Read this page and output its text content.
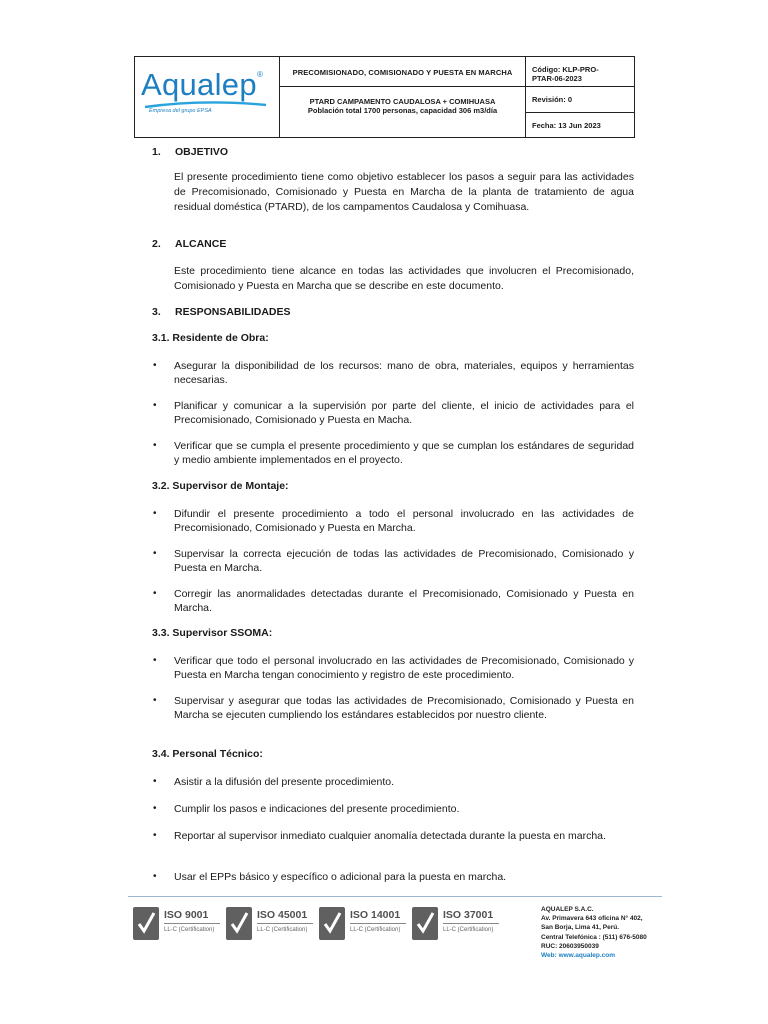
Aqualep ®
Empresa del grupo EPSA
PRECOMISIONADO, COMISIONADO Y PUESTA EN MARCHA
PTARD CAMPAMENTO CAUDALOSA + COMIHUASA
Población total 1700 personas, capacidad 306 m3/día
Código: KLP-PRO-
PTAR-06-2023
Revisión: 0
Fecha: 13 Jun 2023
1. OBJETIVO
El presente procedimiento tiene como objetivo establecer los pasos a seguir para las actividades de Precomisionado, Comisionado y Puesta en Marcha de la planta de tratamiento de agua residual doméstica (PTARD), de los campamentos Caudalosa y Comihuasa.
2. ALCANCE
Este procedimiento tiene alcance en todas las actividades que involucren el Precomisionado, Comisionado y Puesta en Marcha que se describe en este documento.
3. RESPONSABILIDADES
3.1. Residente de Obra:
• Asegurar la disponibilidad de los recursos: mano de obra, materiales, equipos y herramientas necesarias.
• Planificar y comunicar a la supervisión por parte del cliente, el inicio de actividades para el Precomisionado, Comisionado y Puesta en Macha.
• Verificar que se cumpla el presente procedimiento y que se cumplan los estándares de seguridad y medio ambiente implementados en el proyecto.
3.2. Supervisor de Montaje:
• Difundir el presente procedimiento a todo el personal involucrado en las actividades de Precomisionado, Comisionado y Puesta en Marcha.
• Supervisar la correcta ejecución de todas las actividades de Precomisionado, Comisionado y Puesta en Marcha.
• Corregir las anormalidades detectadas durante el Precomisionado, Comisionado y Puesta en Marcha.
3.3. Supervisor SSOMA:
• Verificar que todo el personal involucrado en las actividades de Precomisionado, Comisionado y Puesta en Marcha tengan conocimiento y registro de este procedimiento.
• Supervisar y asegurar que todas las actividades de Precomisionado, Comisionado y Puesta en Marcha se ejecuten cumpliendo los estándares establecidos por nuestro cliente.
3.4. Personal Técnico:
• Asistir a la difusión del presente procedimiento.
• Cumplir los pasos e indicaciones del presente procedimiento.
• Reportar al supervisor inmediato cualquier anomalía detectada durante la puesta en marcha.
• Usar el EPPs básico y específico o adicional para la puesta en marcha.
ISO 9001
LL-C (Certification)
ISO 45001
LL-C (Certification)
ISO 14001
LL-C (Certification)
ISO 37001
LL-C (Certification)
AQUALEP S.A.C.
Av. Primavera 643 oficina N° 402,
San Borja, Lima 41, Perú.
Central Telefónica : (511) 676-5080
RUC: 20603950039
Web: www.aqualep.com
